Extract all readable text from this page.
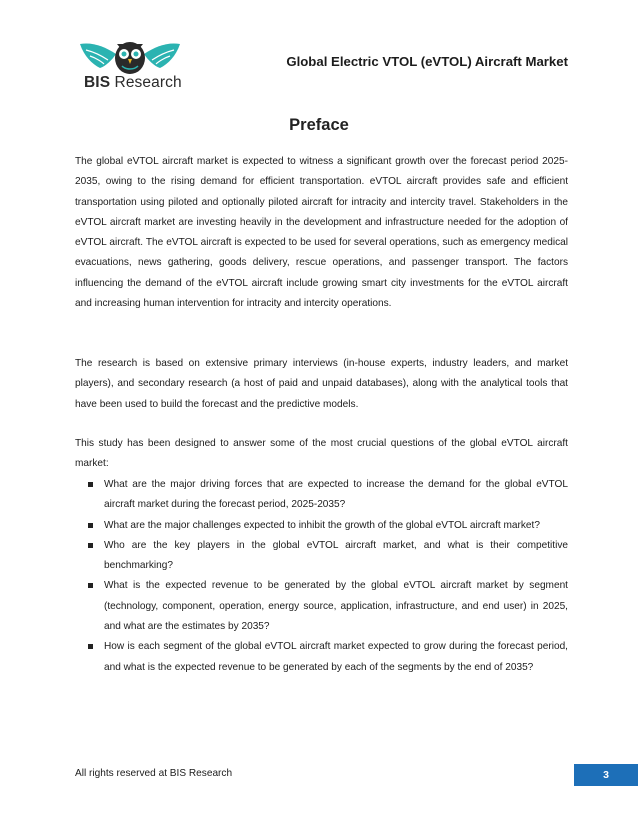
BIS Research
Global Electric VTOL (eVTOL) Aircraft Market
Preface
The global eVTOL aircraft market is expected to witness a significant growth over the forecast period 2025-2035, owing to the rising demand for efficient transportation. eVTOL aircraft provides safe and efficient transportation using piloted and optionally piloted aircraft for intracity and intercity travel. Stakeholders in the eVTOL aircraft market are investing heavily in the development and infrastructure needed for the adoption of eVTOL aircraft. The eVTOL aircraft is expected to be used for several operations, such as emergency medical evacuations, news gathering, goods delivery, rescue operations, and passenger transport. The factors influencing the demand of the eVTOL aircraft include growing smart city investments for the eVTOL aircraft and increasing human intervention for intracity and intercity operations.
The research is based on extensive primary interviews (in-house experts, industry leaders, and market players), and secondary research (a host of paid and unpaid databases), along with the analytical tools that have been used to build the forecast and the predictive models.
This study has been designed to answer some of the most crucial questions of the global eVTOL aircraft market:
What are the major driving forces that are expected to increase the demand for the global eVTOL aircraft market during the forecast period, 2025-2035?
What are the major challenges expected to inhibit the growth of the global eVTOL aircraft market?
Who are the key players in the global eVTOL aircraft market, and what is their competitive benchmarking?
What is the expected revenue to be generated by the global eVTOL aircraft market by segment (technology, component, operation, energy source, application, infrastructure, and end user) in 2025, and what are the estimates by 2035?
How is each segment of the global eVTOL aircraft market expected to grow during the forecast period, and what is the expected revenue to be generated by each of the segments by the end of 2035?
All rights reserved at BIS Research	3
